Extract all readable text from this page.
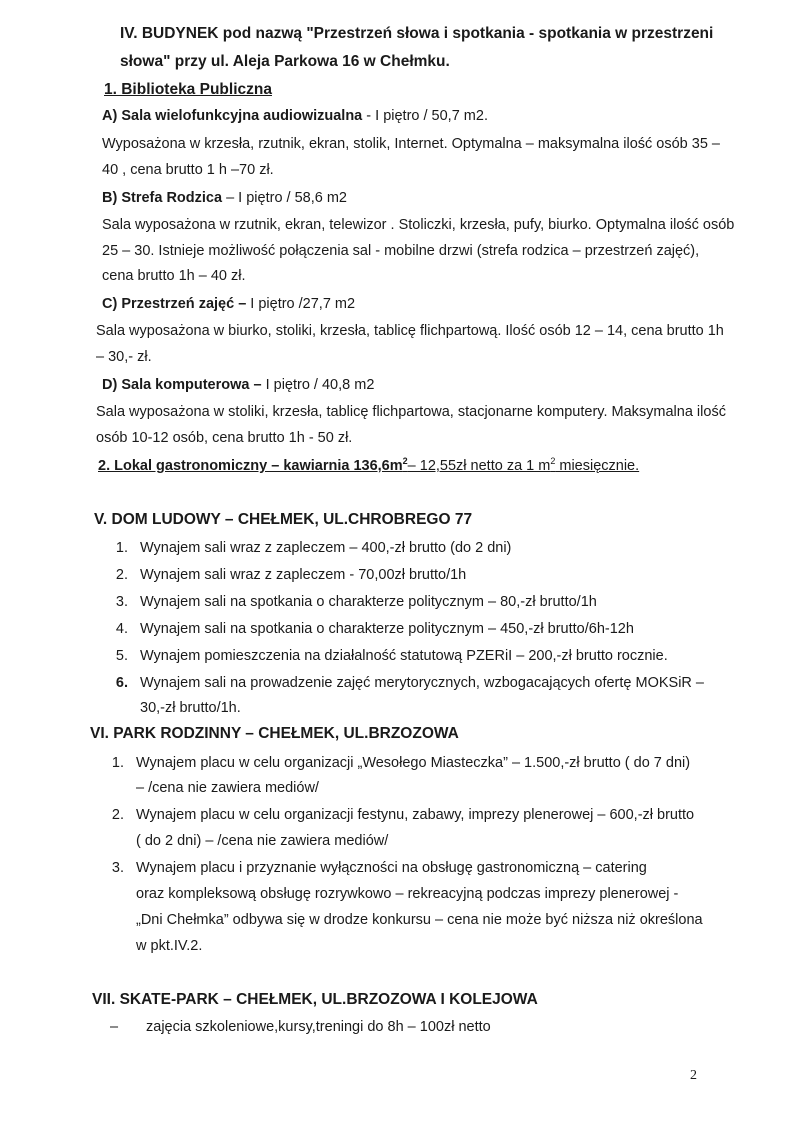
IV. BUDYNEK pod nazwą "Przestrzeń słowa i spotkania - spotkania w przestrzeni
słowa" przy ul. Aleja Parkowa 16 w Chełmku.
1. Biblioteka Publiczna
A) Sala wielofunkcyjna audiowizualna - I piętro / 50,7 m2.
Wyposażona w krzesła, rzutnik, ekran, stolik, Internet. Optymalna – maksymalna ilość osób 35 –
40 , cena brutto 1 h –70 zł.
B) Strefa Rodzica – I piętro / 58,6 m2
Sala wyposażona w rzutnik, ekran, telewizor . Stoliczki, krzesła, pufy, biurko. Optymalna ilość osób
25 – 30. Istnieje możliwość połączenia sal - mobilne drzwi (strefa rodzica – przestrzeń zajęć),
cena brutto 1h – 40 zł.
C) Przestrzeń zajęć – I piętro /27,7 m2
Sala wyposażona w biurko, stoliki, krzesła, tablicę flichpartową. Ilość osób 12 – 14, cena brutto 1h
– 30,- zł.
D) Sala komputerowa – I piętro / 40,8 m2
Sala wyposażona w stoliki, krzesła, tablicę flichpartowa, stacjonarne komputery. Maksymalna ilość
osób 10-12 osób, cena brutto 1h - 50 zł.
2. Lokal gastronomiczny – kawiarnia $136,6m^2-$ 12,55zł netto za 1 $m^2$ miesięcznie.
V. DOM LUDOWY – CHEŁMEK, UL.CHROBREGO 77
1. Wynajem sali wraz z zapleczem – 400,-zł brutto (do 2 dni)
2. Wynajem sali wraz z zapleczem - 70,00zł brutto/1h
3. Wynajem sali na spotkania o charakterze politycznym – 80,-zł brutto/1h
4. Wynajem sali na spotkania o charakterze politycznym – 450,-zł brutto/6h-12h
5. Wynajem pomieszczenia na działalność statutową PZERiI – 200,-zł brutto rocznie.
6. Wynajem sali na prowadzenie zajęć merytorycznych, wzbogacających ofertę MOKSiR –
30,-zł brutto/1h.
VI. PARK RODZINNY – CHEŁMEK, UL.BRZOZOWA
1. Wynajem placu w celu organizacji „Wesołego Miasteczka” – 1.500,-zł brutto ( do 7 dni)
– /cena nie zawiera mediów/
2. Wynajem placu w celu organizacji festynu, zabawy, imprezy plenerowej – 600,-zł brutto
( do 2 dni) – /cena nie zawiera mediów/
3. Wynajem placu i przyznanie wyłączności na obsługę gastronomiczną – catering
oraz kompleksową obsługę rozrywkowo – rekreacyjną podczas imprezy plenerowej -
„Dni Chełmka” odbywa się w drodze konkursu – cena nie może być niższa niż określona
w pkt.IV.2.
VII. SKATE-PARK – CHEŁMEK, UL.BRZOZOWA I KOLEJOWA
– zajęcia szkoleniowe,kursy,treningi do 8h – 100zł netto
2
